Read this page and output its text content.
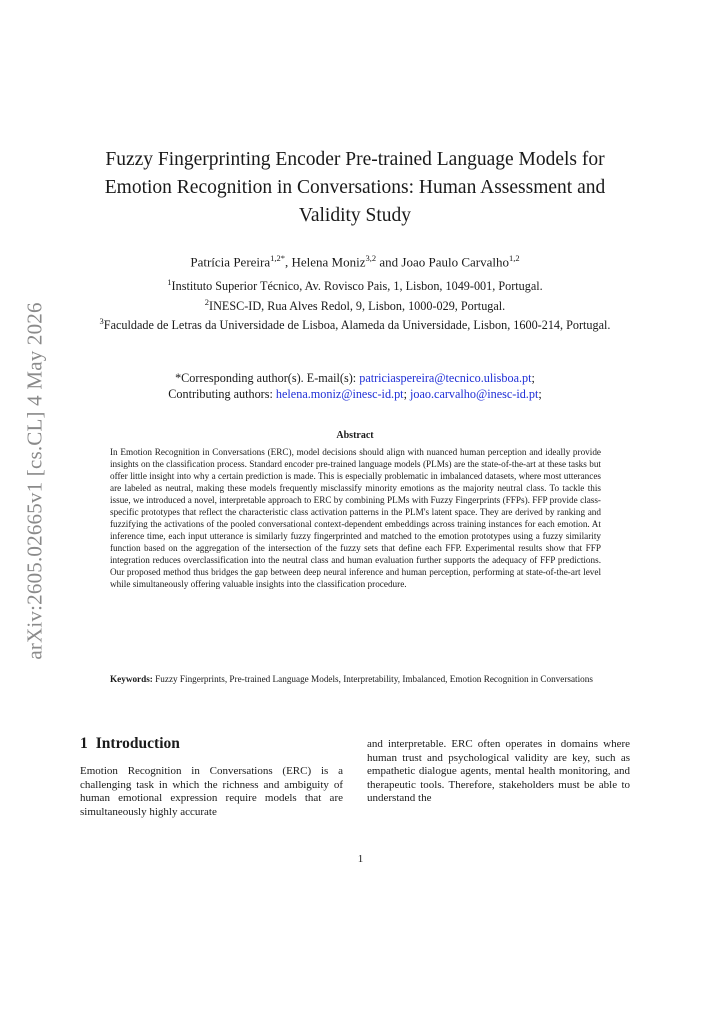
arXiv:2605.02665v1 [cs.CL] 4 May 2026
Fuzzy Fingerprinting Encoder Pre-trained Language Models for Emotion Recognition in Conversations: Human Assessment and Validity Study
Patrícia Pereira$^{1,2*}$, Helena Moniz$^{3,2}$ and Joao Paulo Carvalho$^{1,2}$

$^1$Instituto Superior Técnico, Av. Rovisco Pais, 1, Lisbon, 1049-001, Portugal.

$^2$INESC-ID, Rua Alves Redol, 9, Lisbon, 1000-029, Portugal.

$^3$Faculdade de Letras da Universidade de Lisboa, Alameda da Universidade, Lisbon, 1600-214, Portugal.

*Corresponding author(s). E-mail(s): patriciaspereira@tecnico.ulisboa.pt;

Contributing authors: helena.moniz@inesc-id.pt; joao.carvalho@inesc-id.pt;

Abstract

In Emotion Recognition in Conversations (ERC), model decisions should align with nuanced human perception and ideally provide insights on the classification process. Standard encoder pre-trained language models (PLMs) are the state-of-the-art at these tasks but offer little insight into why a certain prediction is made. This is especially problematic in imbalanced datasets, where most utterances are labeled as neutral, making these models frequently misclassify minority emotions as the majority neutral class. To tackle this issue, we introduced a novel, interpretable approach to ERC by combining PLMs with Fuzzy Fingerprints (FFPs). FFP provide class-specific prototypes that reflect the characteristic class activation patterns in the PLM's latent space. They are derived by ranking and fuzzifying the activations of the pooled conversational context-dependent embeddings across training instances for each emotion. At inference time, each input utterance is similarly fuzzy fingerprinted and matched to the emotion prototypes using a fuzzy similarity function based on the aggregation of the intersection of the fuzzy sets that define each FFP. Experimental results show that FFP integration reduces overclassification into the neutral class and human evaluation further supports the adequacy of FFP predictions. Our proposed method thus bridges the gap between deep neural inference and human perception, performing at state-of-the-art level while simultaneously offering valuable insights into the classification procedure.

Keywords: Fuzzy Fingerprints, Pre-trained Language Models, Interpretability, Imbalanced, Emotion Recognition in Conversations

1 Introduction

Emotion Recognition in Conversations (ERC) is a challenging task in which the richness and ambiguity of human emotional expression require models that are simultaneously highly accurate

and interpretable. ERC often operates in domains where human trust and psychological validity are key, such as empathetic dialogue agents, mental health monitoring, and therapeutic tools. Therefore, stakeholders must be able to understand the

1
